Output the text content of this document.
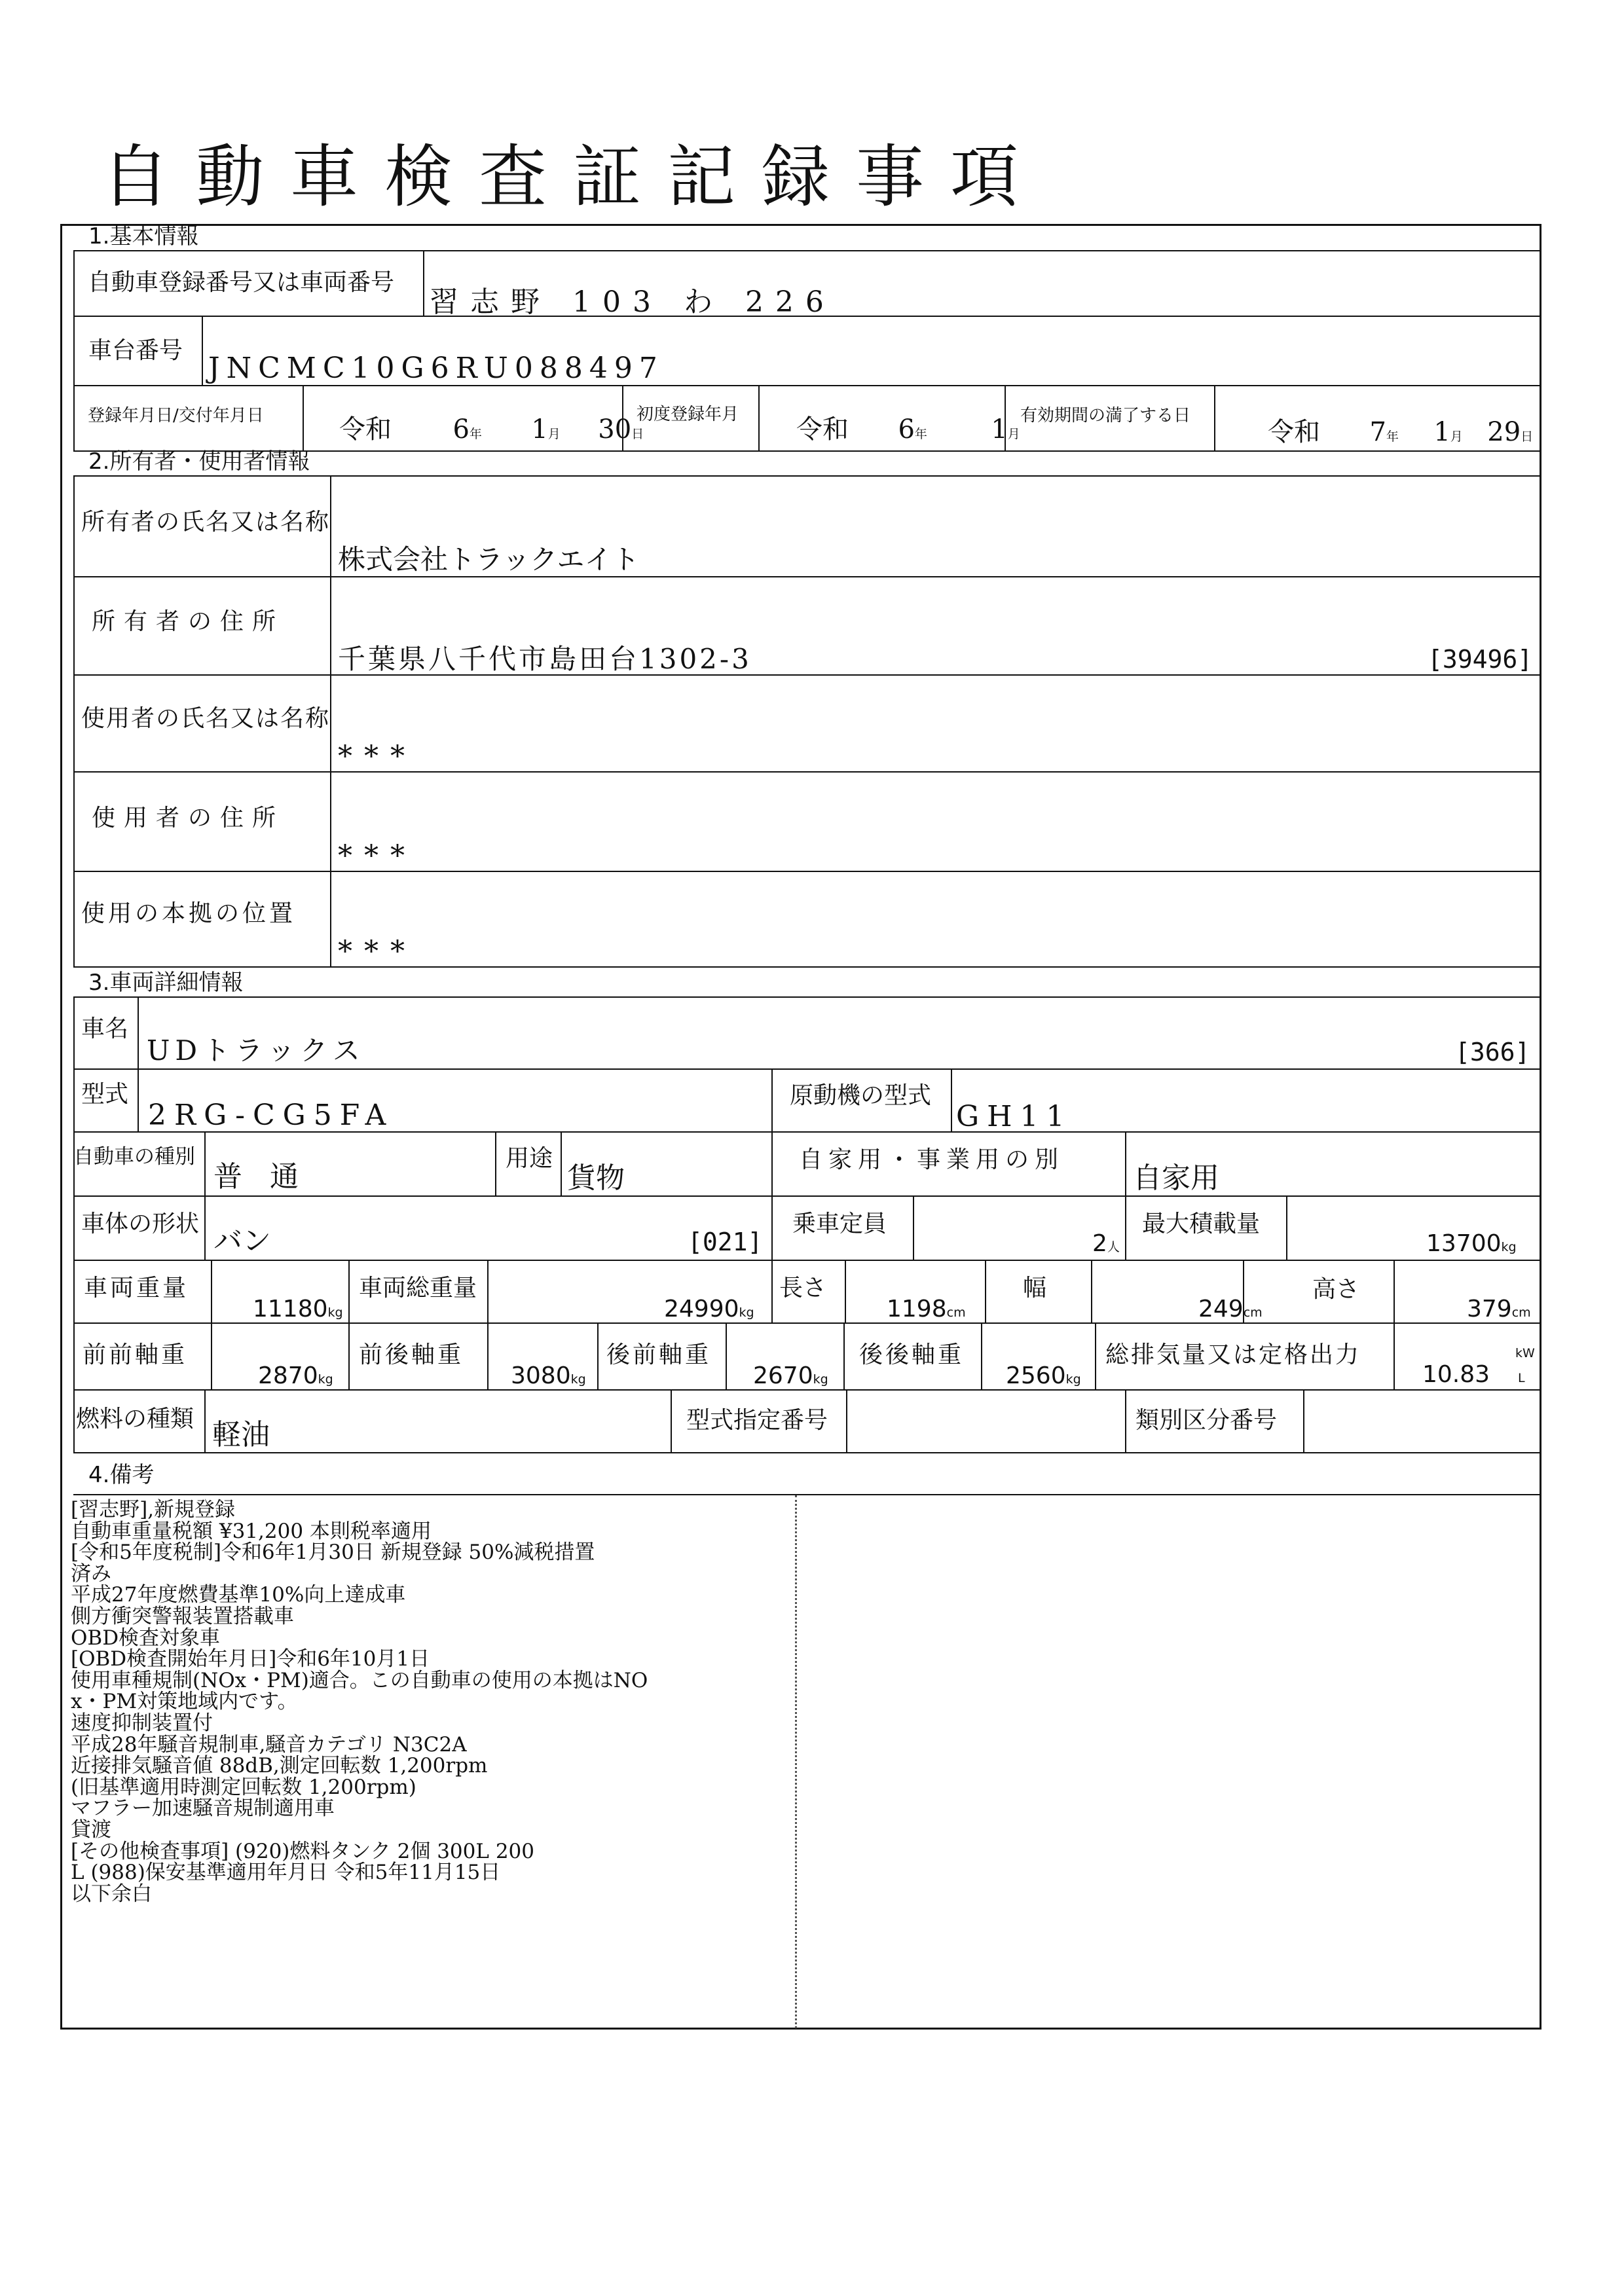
自動車検査証記録事項
1.基本情報
2.所有者・使用者情報
3.車両詳細情報
4.備考
自動車登録番号又は車両番号
習志野 103 わ 226
車台番号
JNCMC10G6RU088497
登録年月日/交付年月日	令和 6年 1月 30日
初度登録年月 令和 6年 1月
有効期間の満了する日
令和 7年 1月 29日
所有者の氏名又は名称
株式会社トラックエイト
所有者の住所
千葉県八千代市島田台1302-3	[39496]
使用者の氏名又は名称
***
使用者の住所
***
使用の本拠の位置
***
車名
UDトラックス	[366]
型式
2RG-CG5FA
原動機の型式
GH11
自動車の種別
普 通
用途
貨物
自家用・事業用の別
自家用
車体の形状
バン	[021]
乗車定員
2人
最大積載量
13700kg
車両重量
11180kg
車両総重量
24990kg
長さ
1198cm
幅
249cm
高さ
379cm
前前軸重
2870kg
前後軸重
3080kg
後前軸重
2670kg
後後軸重
2560kg
総排気量又は定格出力
10.83
kW
L
燃料の種類 軽油	型式指定番号	類別区分番号
[習志野],新規登録
自動車重量税額 ¥31,200 本則税率適用
[令和5年度税制]令和6年1月30日 新規登録 50%減税措置
済み
平成27年度燃費基準10%向上達成車
側方衝突警報装置搭載車
OBD検査対象車
[OBD検査開始年月日]令和6年10月1日
使用車種規制(NOx・PM)適合。この自動車の使用の本拠はNO
x・PM対策地域内です。
速度抑制装置付
平成28年騒音規制車,騒音カテゴリ N3C2A
近接排気騒音値 88dB,測定回転数 1,200rpm
(旧基準適用時測定回転数 1,200rpm)
マフラー加速騒音規制適用車
貸渡
[その他検査事項] (920)燃料タンク 2個 300L 200
L (988)保安基準適用年月日 令和5年11月15日
以下余白
